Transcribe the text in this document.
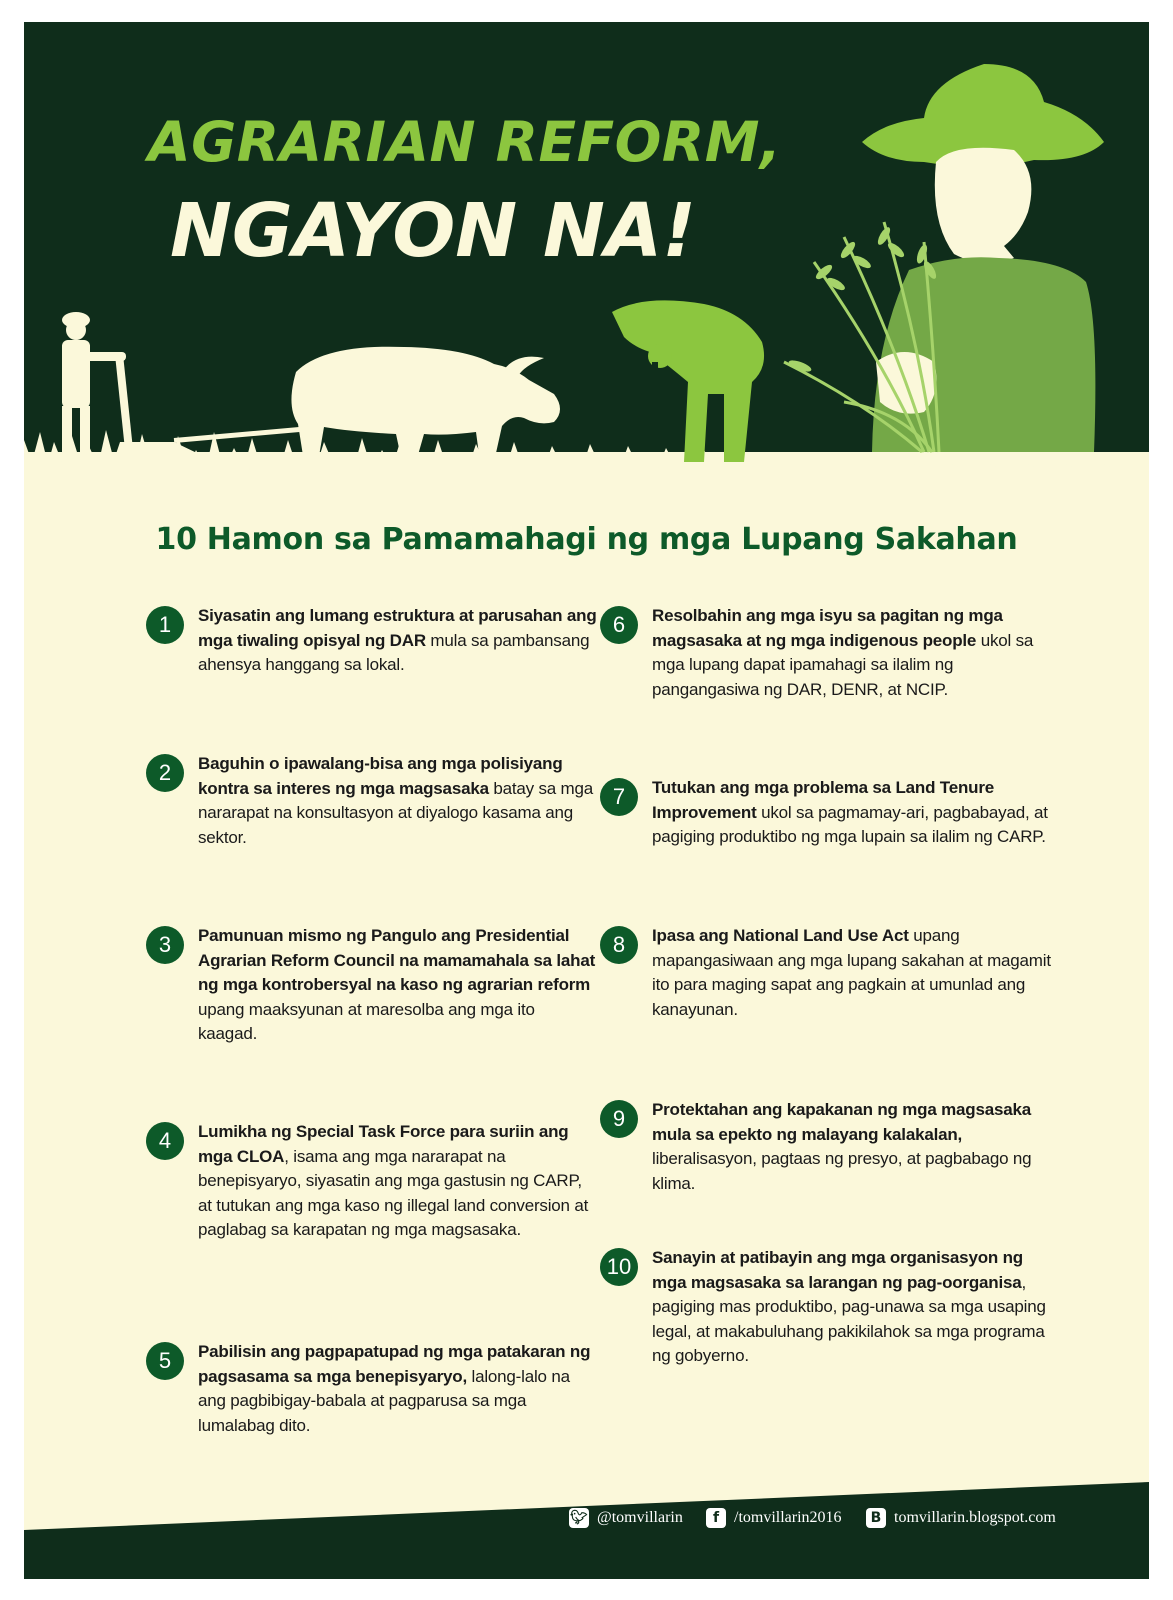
AGRARIAN REFORM,
NGAYON NA!
10 Hamon sa Pamamahagi ng mga Lupang Sakahan
1	Siyasatin ang lumang estruktura at parusahan ang mga tiwaling opisyal ng DAR mula sa pambansang ahensya hanggang sa lokal.

2	Baguhin o ipawalang-bisa ang mga polisiyang kontra sa interes ng mga magsasaka batay sa mga nararapat na konsultasyon at diyalogo kasama ang sektor.

3	Pamunuan mismo ng Pangulo ang Presidential Agrarian Reform Council na mamamahala sa lahat ng mga kontrobersyal na kaso ng agrarian reform upang maaksyunan at maresolba ang mga ito kaagad.

4	Lumikha ng Special Task Force para suriin ang mga CLOA, isama ang mga nararapat na benepisyaryo, siyasatin ang mga gastusin ng CARP, at tutukan ang mga kaso ng illegal land conversion at paglabag sa karapatan ng mga magsasaka.

5	Pabilisin ang pagpapatupad ng mga patakaran ng pagsasama sa mga benepisyaryo, lalong-lalo na ang pagbibigay-babala at pagparusa sa mga lumalabag dito.

6	Resolbahin ang mga isyu sa pagitan ng mga magsasaka at ng mga indigenous people ukol sa mga lupang dapat ipamahagi sa ilalim ng pangangasiwa ng DAR, DENR, at NCIP.

7	Tutukan ang mga problema sa Land Tenure Improvement ukol sa pagmamay-ari, pagbabayad, at pagiging produktibo ng mga lupain sa ilalim ng CARP.

8	Ipasa ang National Land Use Act upang mapangasiwaan ang mga lupang sakahan at magamit ito para maging sapat ang pagkain at umunlad ang kanayunan.

9	Protektahan ang kapakanan ng mga magsasaka mula sa epekto ng malayang kalakalan, liberalisasyon, pagtaas ng presyo, at pagbabago ng klima.

10	Sanayin at patibayin ang mga organisasyon ng mga magsasaka sa larangan ng pag-oorganisa, pagiging mas produktibo, pag-unawa sa mga usaping legal, at makabuluhang pakikilahok sa mga programa ng gobyerno.

🐦︎ @tomvillarin	f /tomvillarin2016	B tomvillarin.blogspot.com
